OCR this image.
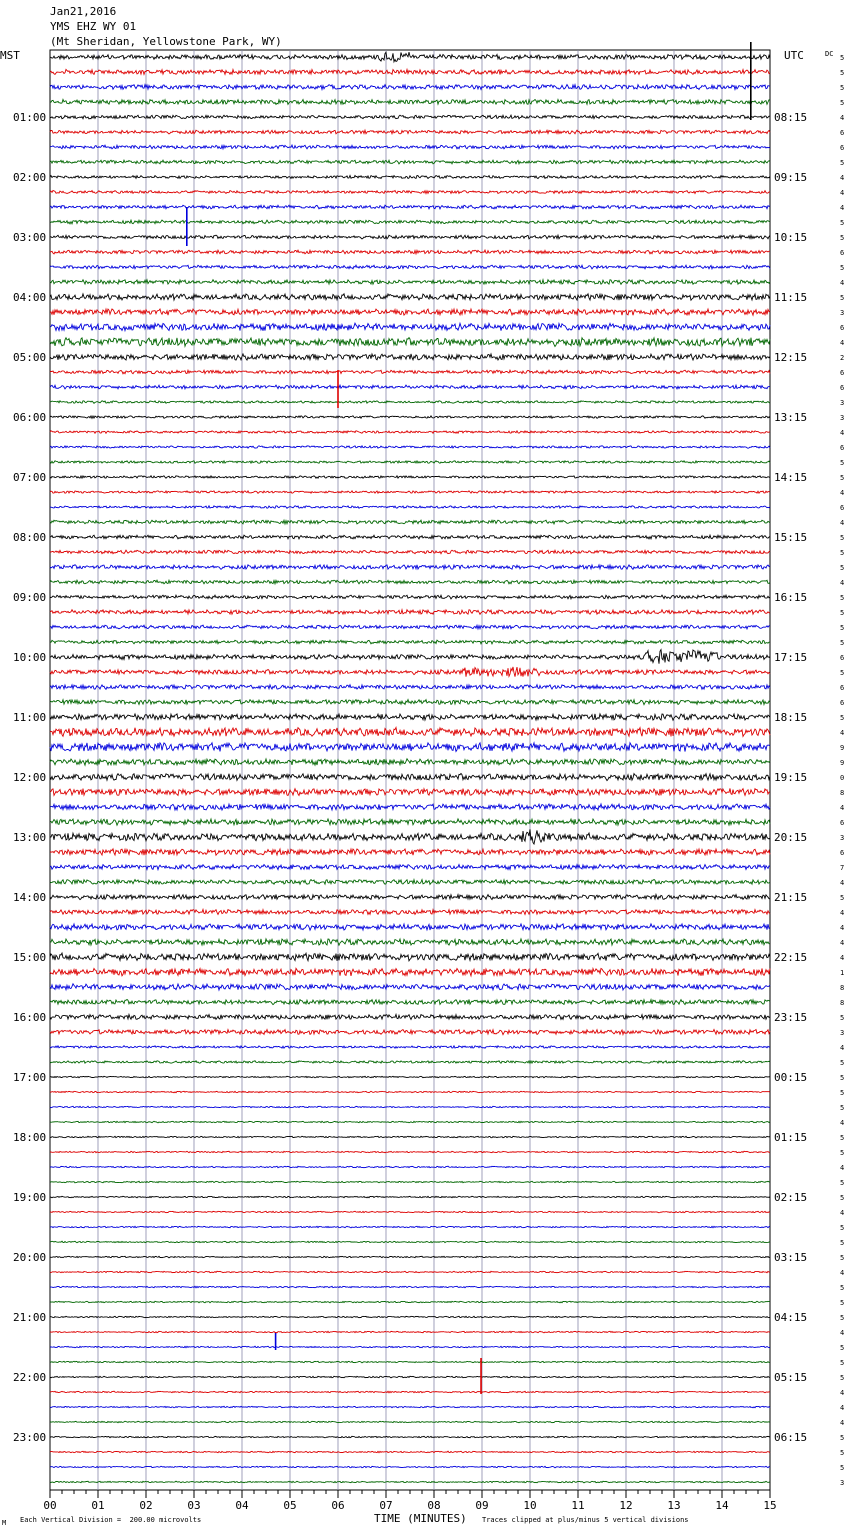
Jan21,2016
YMS EHZ WY 01
(Mt Sheridan, Yellowstone Park, WY)
MST	UTC	DC
01:00
02:00
03:00
04:00
05:00
06:00
07:00
08:00
09:00
10:00
11:00
12:00
13:00
14:00
15:00
16:00
17:00
18:00
19:00
20:00
21:00
22:00
23:00
08:15
09:15
10:15
11:15
12:15
13:15
14:15
15:15
16:15
17:15
18:15
19:15
20:15
21:15
22:15
23:15
00:15
01:15
02:15
03:15
04:15
05:15
06:15
5
5
5
5
4
6
6
5
4
4
4
5
5
6
5
4
5
3
6
4
2
6
6
3
3
4
6
5
5
4
6
4
5
5
5
4
5
5
5
5
6
5
6
6
5
4
9
9
0
8
4
6
3
6
7
4
5
4
4
4
4
1
8
8
5
3
4
5
5
5
5
4
5
5
4
5
5
4
5
5
5
4
5
5
5
4
5
5
5
4
4
4
5
5
5
3
00	01	02	03	04	05	06	07	08	09	10	11	12	13	14	15
TIME (MINUTES)
Each Vertical Division =  200.00 microvolts	Traces clipped at plus/minus 5 vertical divisions
M
